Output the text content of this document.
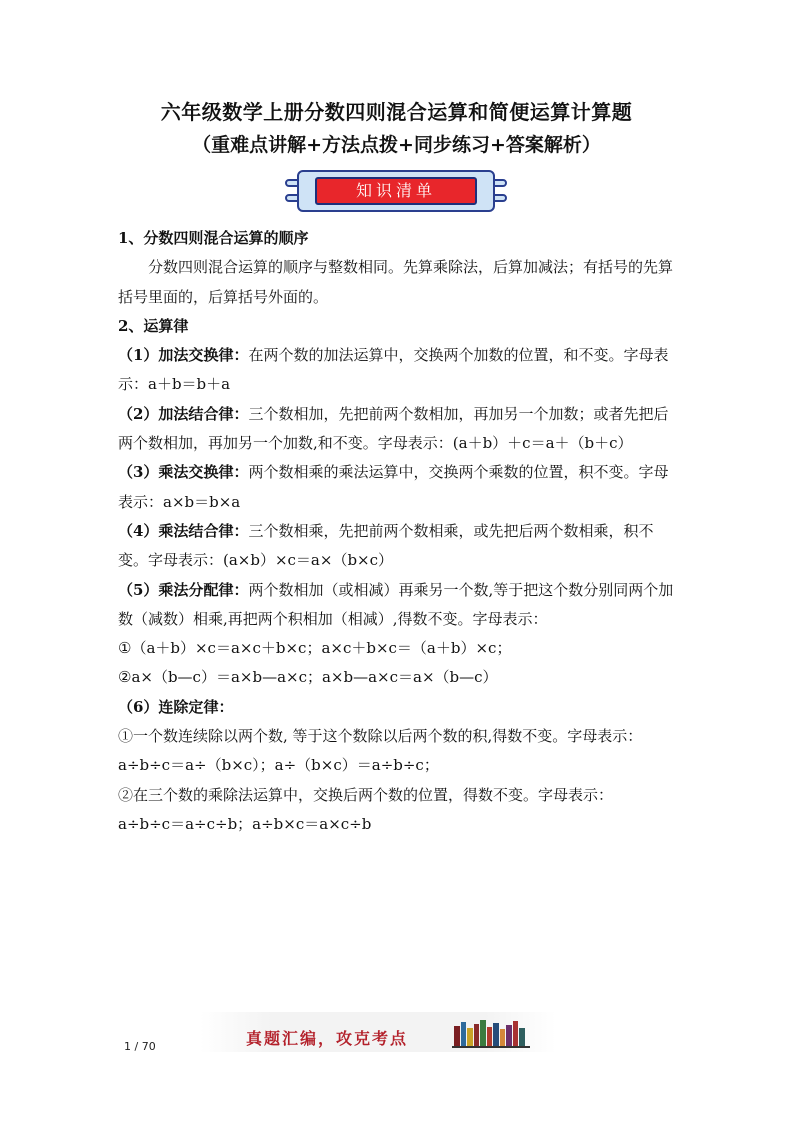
六年级数学上册分数四则混合运算和简便运算计算题
（重难点讲解+方法点拨+同步练习+答案解析）
知识清单

1、分数四则混合运算的顺序

分数四则混合运算的顺序与整数相同。先算乘除法，后算加减法；有括号的先算括号里面的，后算括号外面的。

2、运算律

（1）加法交换律：在两个数的加法运算中，交换两个加数的位置，和不变。字母表示：a＋b＝b＋a

（2）加法结合律：三个数相加，先把前两个数相加，再加另一个加数；或者先把后两个数相加，再加另一个加数,和不变。字母表示：(a＋b）＋c＝a＋（b＋c）

（3）乘法交换律：两个数相乘的乘法运算中，交换两个乘数的位置，积不变。字母表示：a×b＝b×a

（4）乘法结合律：三个数相乘，先把前两个数相乘，或先把后两个数相乘，积不变。字母表示：(a×b）×c＝a×（b×c）

（5）乘法分配律：两个数相加（或相减）再乘另一个数,等于把这个数分别同两个加数（减数）相乘,再把两个积相加（相减）,得数不变。字母表示：

①（a＋b）×c＝a×c＋b×c；a×c＋b×c＝（a＋b）×c；

②a×（b—c）＝a×b—a×c；a×b—a×c＝a×（b—c）

（6）连除定律：

①一个数连续除以两个数, 等于这个数除以后两个数的积,得数不变。字母表示：

a÷b÷c＝a÷（b×c）；a÷（b×c）＝a÷b÷c；

②在三个数的乘除法运算中，交换后两个数的位置，得数不变。字母表示：

a÷b÷c＝a÷c÷b；a÷b×c＝a×c÷b

1 / 70	真题汇编，攻克考点
